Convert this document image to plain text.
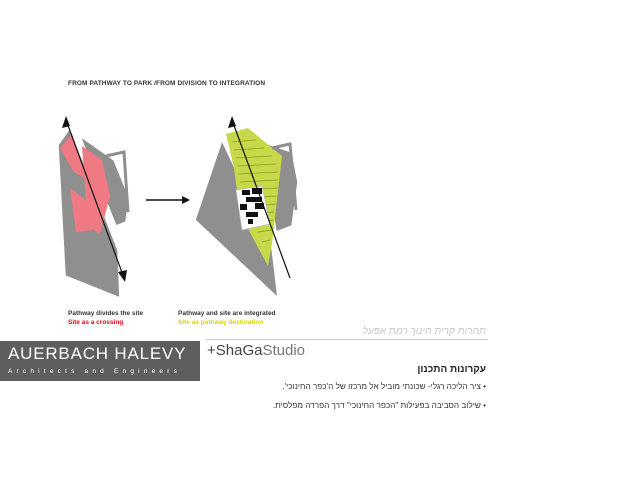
FROM PATHWAY TO PARK /FROM DIVISION TO INTEGRATION
Pathway divides the site
Site as a crossing
Pathway and site are integrated
Site as pathway destination
תחרות קרית חינוך רמת אפעל
AUERBACH HALEVY
Architects and Engineers
+ShaGaStudio
עקרונות התכנון
• ציר הליכה רגלי- שכונתי מוביל אל מרכזו של ה'כפר החינוכי'.
• שילוב הסביבה בפעילות "הכפר החינוכי" דרך הפרדה מפלסית.
